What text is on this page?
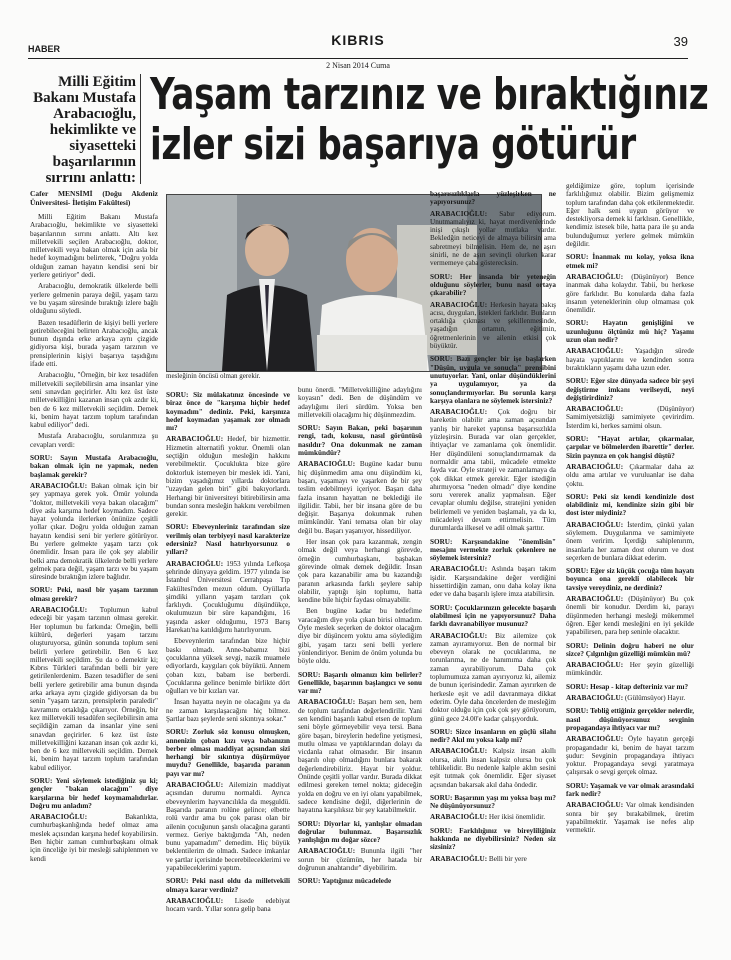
HABER
KIBRIS
2 Nisan 2014 Cuma
39
Milli Eğitim Bakanı Mustafa Arabacıoğlu, hekimlikte ve siyasetteki başarılarının sırrını anlattı:
Yaşam tarzınız ve bıraktığınız
izler sizi başarıya götürür
mesleğinin öncüsü olman gerekir.

Cafer MENSİMİ (Doğu Akdeniz Üniversitesi- İletişim Fakültesi)

Milli Eğitim Bakanı Mustafa Arabacıoğlu, hekimlikte ve siyasetteki başarılarının sırrını anlattı. Altı kez milletvekili seçilen Arabacıoğlu, doktor, milletvekili veya bakan olmak için asla bir hedef koymadığını belirterek, "Doğru yolda olduğun zaman hayatın kendisi seni bir yerlere getiriyor" dedi.

Arabacıoğlu, demokratik ülkelerde belli yerlere gelmenin paraya değil, yaşam tarzı ve bu yaşam süresinde bıraktığı izlere bağlı olduğunu söyledi.

Bazen tesadüflerin de kişiyi belli yerlere getirebileceğini belirten Arabacıoğlu, ancak bunun dışında erke arkaya aynı çizgide gidiyorsa kişi, burada yaşam tarzının ve prensiplerinin kişiyi başarıya taşıdığını ifade etti.

Arabacıoğlu, "Örneğin, bir kez tesadüfen milletvekili seçilebilirsin ama insanlar yine seni sınavdan geçirirler. Altı kez üst üste milletvekilliğini kazanan insan çok azdır ki, ben de 6 kez milletvekili seçildim. Demek ki, benim hayat tarzım toplum tarafından kabul ediliyor" dedi.

Mustafa Arabacıoğlu, sorularımıza şu cevapları verdi:

SORU: Sayın Mustafa Arabacıoğlu, bakan olmak için ne yapmak, neden başlamak gerekir?

ARABACIOĞLU: Bakan olmak için bir şey yapmaya gerek yok. Ömür yolunda "doktor, milletvekili veya bakan olacağım" diye asla karşıma hedef koymadım. Sadece hayat yolunda ilerlerken önünüze çeşitli yollar çıkar. Doğru yolda olduğun zaman hayatın kendisi seni bir yerlere götürüyor. Bu yerlere gelmekte yaşam tarzı çok önemlidir. İnsan para ile çok şey alabilir belki ama demokratik ülkelerde belli yerlere gelmek para değil, yaşam tarzı ve bu yaşam süresinde bıraktığın izlere bağlıdır.

SORU: Peki, nasıl bir yaşam tarzının olması gerekir?

ARABACIOĞLU: Toplumun kabul edeceği bir yaşam tarzının olması gerekir. Her toplumun bu farkında: Örneğin, belli kültürü, değerleri yaşam tarzını oluşturuyorsa, günün sonunda toplum seni belirli yerlere getirebilir. Ben 6 kez milletvekili seçildim. Şu da o demektir ki; Kıbrıs Türkleri tarafından belli bir yere getirilenlerdenim. Bazen tesadüfler de seni belli yerlere getirebilir ama bunun dışında arka arkaya aynı çizgide gidiyorsan da bu senin "yaşam tarzın, prensiplerin paraledir" kavramını ortaklığa çıkarıyor. Örneğin, bir kez milletvekili tesadüfen seçilebilirsin ama seçildiğin zaman da insanlar yine seni sınavdan geçirirler. 6 kez üst üste milletvekilliğini kazanan insan çok azdır ki, ben de 6 kez milletvekili seçildim. Demek ki, benim hayat tarzım toplum tarafından kabul ediliyor.

SORU: Yeni söylemek istediğiniz şu ki; gençler "bakan olacağım" diye karşılarına bir hedef koymamalıdırlar. Doğru mu anladım?

ARABACIOĞLU: Bakanlıkta, cumhurbaşkanlığında hedef olmaz ama meslek açısından karşına hedef koyabilirsin. Ben hiçbir zaman cumhurbaşkanı olmak için önceliğe iyi bir mesleği sahiplenmen ve kendi

SORU: Siz mülakatınız öncesinde ve biraz önce de "karşıma hiçbir hedef koymadım" dediniz. Peki, karşınıza hedef koymadan yaşamak zor olmadı mı?

ARABACIOĞLU: Hedef, bir hizmettir. Hizmetin alternatifi yoktur. Önemli olan seçtiğin olduğun mesleğin hakkını verebilmektir. Çocuklukta bize göre doktorluk istemeyen bir meslek idi. Yani, bizim yaşadığımız yıllarda doktorlara "uzaydan gelen biri" gibi bakıyorlardı. Herhangi bir üniversiteyi bitirebilirsin ama bundan sonra mesleğin hakkını verebilmen gerekir.

SORU: Ebeveynleriniz tarafından size verilmiş olan terbiyeyi nasıl karakterize edersiniz? Nasıl hatırlıyorsunuz o yılları?

ARABACIOĞLU: 1953 yılında Lefkoşa şehrinde dünyaya geldim. 1977 yılında ise İstanbul Üniversitesi Cerrahpaşa Tıp Fakültesi'nden mezun oldum. Oyüllarla şimdiki yılların yaşam tarzları çok farklıydı. Çocukluğumu düşündükçe, okulumuzun bir süre kapandığını, 16 yaşında asker olduğumu, 1973 Barış Harekatı'na katıldığımı hatırlıyorum.

Ebeveynlerim tarafından bize hiçbir baskı olmadı. Anne-babamız bizi çocuklarına yüksek sevgi, nazik muamele ediyorlardı, kaygıları çok büyüktü. Annem çoban kızı, babam ise berberdi. Çocuklarına gelince benimle birlikte dört oğulları ve bir kızları var.

İnsan hayatta neyin ne olacağını ya da ne zaman karşılaşacağını hiç bilmez. Şartlar bazı şeylerde seni sıkıntıya sokar."

SORU: Zorluk söz konusu olmuşken, annenizin çoban kızı veya babanızın berber olması maddiyat açısından sizi herhangi bir sıkıntıya düşürmüyor muydu? Genellikle, başarıda paranın payı var mı?

ARABACIOĞLU: Ailemizin maddiyat açısından durumu normaldi. Ayrıca ebeveynlerim hayvancılıkla da meşguldü. Başarıda paranın rolüne gelince; elbette rolü vardır ama bu çok parası olan bir ailenin çocuğunun şanslı olacağına garanti vermez. Geriye baktığımda "Ah, neden bunu yapamadım" demedim. Hiç büyük beklentilerim de olmadı. Sadece imkanlar ve şartlar içerisinde becerebileceklerimi ve yapabileceklerimi yaptım.

SORU: Peki nasıl oldu da milletvekili olmaya karar verdiniz?

ARABACIOĞLU: Lisede edebiyat hocam vardı. Yıllar sonra gelip bana

bunu önerdi. "Milletvekilliğine adaylığını koyasın" dedi. Ben de düşündüm ve adaylığımı ileri sürdüm. Yoksa ben milletvekili olacağımı hiç düşünmezdim.

SORU: Sayın Bakan, peki başarının rengi, tadı, kokusu, nasıl görüntüsü nasıldır? Ona dokunmak ne zaman mümkündür?

ARABACIOĞLU: Bugüne kadar bunu hiç düşünmedim ama onu düşündüm ki, başarı, yaşamayı ve yaşarken de bir şey teslim edebilmeyi içeriyor. Başarı daha fazla insanın hayattan ne beklediği ile ilgilidir. Tabii, her bir insana göre de bu değişir. Başarıya dokunmak ruhen mümkündür. Yani tematsa olan bir olay değil bu. Başarı yaşanıyor, hissediliyor.

Her insan çok para kazanmak, zengin olmak değil veya herhangi görevde, örneğin cumhurbaşkanı, başbakan görevinde olmak demek değildir. İnsan çok para kazanabilir ama bu kazandığı paranın arkasında farklı şeylere sahip olabilir, yaptığı işin toplumu, hatta kendine bile hiçbir faydası olmayabilir.

Ben bugüne kadar bu hedefime varacağım diye yola çıkan birisi olmadım. Öyle meslek seçerken de doktor olacağım diye bir düşüncem yoktu ama söylediğim gibi, yaşam tarzı seni belli yerlere yönlendiriyor. Benim de önüm yolunda bu böyle oldu.

SORU: Başarılı olmanızı kim belirler? Genellikle, başarının başlangıcı ve sonu var mı?

ARABACIOĞLU: Başarı hem sen, hem de toplum tarafından değerlendirilir. Yani sen kendini başarılı kabul etsen de toplum seni böyle görmeyebilir veya tersi. Bana göre başarı, bireylerin hedefine yetişmesi, mutlu olması ve yaptıklarından dolayı da vicdanla rahat olmasıdır. Bir insanın başarılı olup olmadığını bunlara bakarak değerlendirebiliriz. Hayat bir yoldur. Önünde çeşitli yollar vardır. Burada dikkat edilmesi gereken temel nokta; gideceğin yolda en doğru ve en iyi olanı yapabilmek, sadece kendisine değil, diğerlerinin de hayatına karşılıksız bir şey katabilmektir.

SORU: Diyorlar ki, yanlışlar olmadan doğrular bulunmaz. Başarısızlık yanlışlığın mı doğar sözce?

ARABACIOĞLU: Bununla ilgili "her sorun bir çözümün, her hatada bir doğrunun anahtarıdır" diyebilirim.

SORU: Yaptığınız mücadelede

başarısızlıklarla yüzleşirken ne yapıyorsunuz?

ARABACIOĞLU: Sabır ediyorum. Unutmamalıyız ki, hayat merdivenlerinde inişi çıkışlı yollar mutlaka vardır. Bekledğin neticeyi de almaya bilirsin ama sabretmeyi bilmelisin. Hem de, ne aşırı sinirli, ne de aşırı sevinçli olurken karar vermemeye çaba gösterecksin.

SORU: Her insanda bir yeteneğin olduğunu söylerler, bunu nasıl ortaya çıkarabilir?

ARABACIOĞLU: Herkesin hayata bakış acısı, duyguları, istekleri farklıdır. Bunların ortaklığa çıkması ve şekillenmesinde, yaşadığın ortamın, eğitimin, öğretmenlerinin ve ailenin etkisi çok büyüktür.

SORU: Bazı gençler bir işe başlarken "Düşün, uygula ve sonuçla" prensibini unutuyorlar. Yani, onlar düşündüklerini ya uygulamıyor, ya da sonuçlandırmıyorlar. Bu sorunla karşı karşıya olanlara ne söylemek istersiniz?

ARABACIOĞLU: Çok doğru bir hareketin olabilir ama zaman açısından yanlış bir hareket yaptınsa başarısızlıkla yüzleşirsin. Burada var olan gerçekler, ihtiyaçlar ve zamanlama çok önemlidir. Her düşündüleni sonuçlandırmamak da normaldir ama tabii, mücadele etmekte fayda var. Öyle strateji ve zamanlamaya da çok dikkat etmek gerekir. Eğer istediğin ahırmıyorsa "neden olmadı" diye kendine soru vererek analiz yapmalısın. Eğer cevaplar olumlu değilse, stratejini yeniden belirlemeli ve yeniden başlamalı, ya da kı, mücadeleyi devam ettirmelisin. Tüm durumlarda ilkesel ve adil olmak şarttır.

SORU: Karşısındakine "önemlisin" mesajını vermekte zorluk çekenlere ne söylemek istersiniz?

ARABACIOĞLU: Aslında başarı takım işidir. Karşısındakine değer verdiğini hissettirdiğin zaman, onu daha kolay ikna eder ve daha başarılı işlere imza atabilirsin.

SORU: Çocuklarınızın gelecekte başarılı olabilmesi için ne yapıyorsunuz? Daha farklı davranabiliyor musunuz?

ARABACIOĞLU: Biz ailemize çok zaman ayıramıyoruz. Ben de normal bir ebeveyn olarak ne çocuklarıma, ne torunlarıma, ne de hanımıma daha çok zaman ayırabiliyorum. Daha çok toplumumuza zaman ayırıyoruz ki, ailemiz de bunun içerisindedir. Zaman ayırırken de herkesle eşit ve adil davranmaya dikkat ederim. Öyle daha öncelerden de mesleğim doktor olduğu için çok çok şey görüyorum, günü gece 24.00'e kadar çalışıyorduk.

SORU: Sizce insanların en güçlü silahı nedir? Akıl mı yoksa kalp mi?

ARABACIOĞLU: Kalpsiz insan akıllı olursa, akıllı insan kalpsiz olursa bu çok tehlikelidir. Bu nedenle kalple aklın sesini eşit tutmak çok önemlidir. Eğer siyaset açısından bakarsak akıl daha öndedir.

SORU: Başarının yaşı mı yoksa başı mı? Ne düşünüyorsunuz?

ARABACIOĞLU: Her ikisi önemlidir.

SORU: Farklılığınız ve bireyliliğiniz hakkında ne diyebilirsiniz? Neden siz sizsiniz?

ARABACIOĞLU: Belli bir yere

geldiğimize göre, toplum içerisinde farklılığımız olabilir. Bizim gelişmemiz toplum tarafından daha çok etkilenmektedir. Eğer halk seni uygun görüyor ve destekliyorsa demek ki farklısın. Genellikle, kendimiz istesek bile, hatta para ile şu anda bulunduğumuz yerlere gelmek mümkün değildir.

SORU: İnanmak mı kolay, yoksa ikna etmek mi?

ARABACIOĞLU: (Düşünüyor) Bence inanmak daha kolaydır. Tabii, bu herkese göre farklıdır. Bu konularda daha fazla insanın yeteneklerinin olup olmaması çok önemlidir.

SORU: Hayatın genişliğini ve uzunluğunu ölçtünüz mü hiç? Yaşamı uzun olan nedir?

ARABACIOĞLU: Yaşadığın sürede hayata yaptıklarını ve kendinden sonra bıraktıkların yaşamı daha uzun eder.

SORU: Eğer size dünyada sadece bir şeyi değiştirme imkanı verilseydi, neyi değiştirirdiniz?

ARABACIOĞLU: (Düşünüyor) Samimiyetsizliği samimiyete çevirirdim. İsterdim ki, herkes samimi olsun.

SORU: "Hayat artılar, çıkarmalar, çarpılar ve bölmelerden ibarettir" derler. Sizin paynıza en çok hangisi düştü?

ARABACIOĞLU: Çıkarmalar daha az oldu ama artılar ve vuruluanlar ise daha çoktu.

SORU: Peki siz kendi kendinizle dost olabildiniz mi, kendinize sizin gibi bir dost ister miydiniz?

ARABACIOĞLU: İsterdim, çünkü yalan söylemem. Duygularıma ve samimiyete önem veririm. İçerdiğı sahiplenırım, insanlarla her zaman dost olurum ve dost seçerken de bunlara dikkat ederim.

SORU: Eğer siz küçük çocuğa tüm hayatı boyunca ona gerekli olabilecek bir tavsiye vereydiniz, ne derdiniz?

ARABACIOĞLU: (Düşünüyor) Bu çok önemli bir konudur. Derdim ki, parayı düşünmeden herhangi mesleği mükemmel öğren. Eğer kendi mesleğini en iyi şekilde yapabilirsen, para hep seninle olacaktır.

SORU: Delinin doğru haberi ne olur sizce? Çılgınlığın güzelliği mümkün mü?

ARABACIOĞLU: Her şeyin güzelliği mümkündür.

SORU: Hesap - kitap defteriniz var mı?

ARABACIOĞLU: (Gülümsüyor) Hayır.

SORU: Tebliğ ettiğiniz gerçekler nelerdir, nasıl düşünüyorsunuz sevginin propagandaya ihtiyacı var mı?

ARABACIOĞLU: Öyle hayatın gerçeği propagandadır ki, benim de hayat tarzım şudur: Sevginin propagandaya ihtiyacı yoktur. Propagandaya sevgi yaratmaya çalışırsak o sevgi gerçek olmaz.

SORU: Yaşamak ve var olmak arasındaki fark nedir?

ARABACIOĞLU: Var olmak kendisinden sonra bir şey bırakabilmek, üretim yapabilmektir. Yaşamak ise nefes alıp vermektir.
